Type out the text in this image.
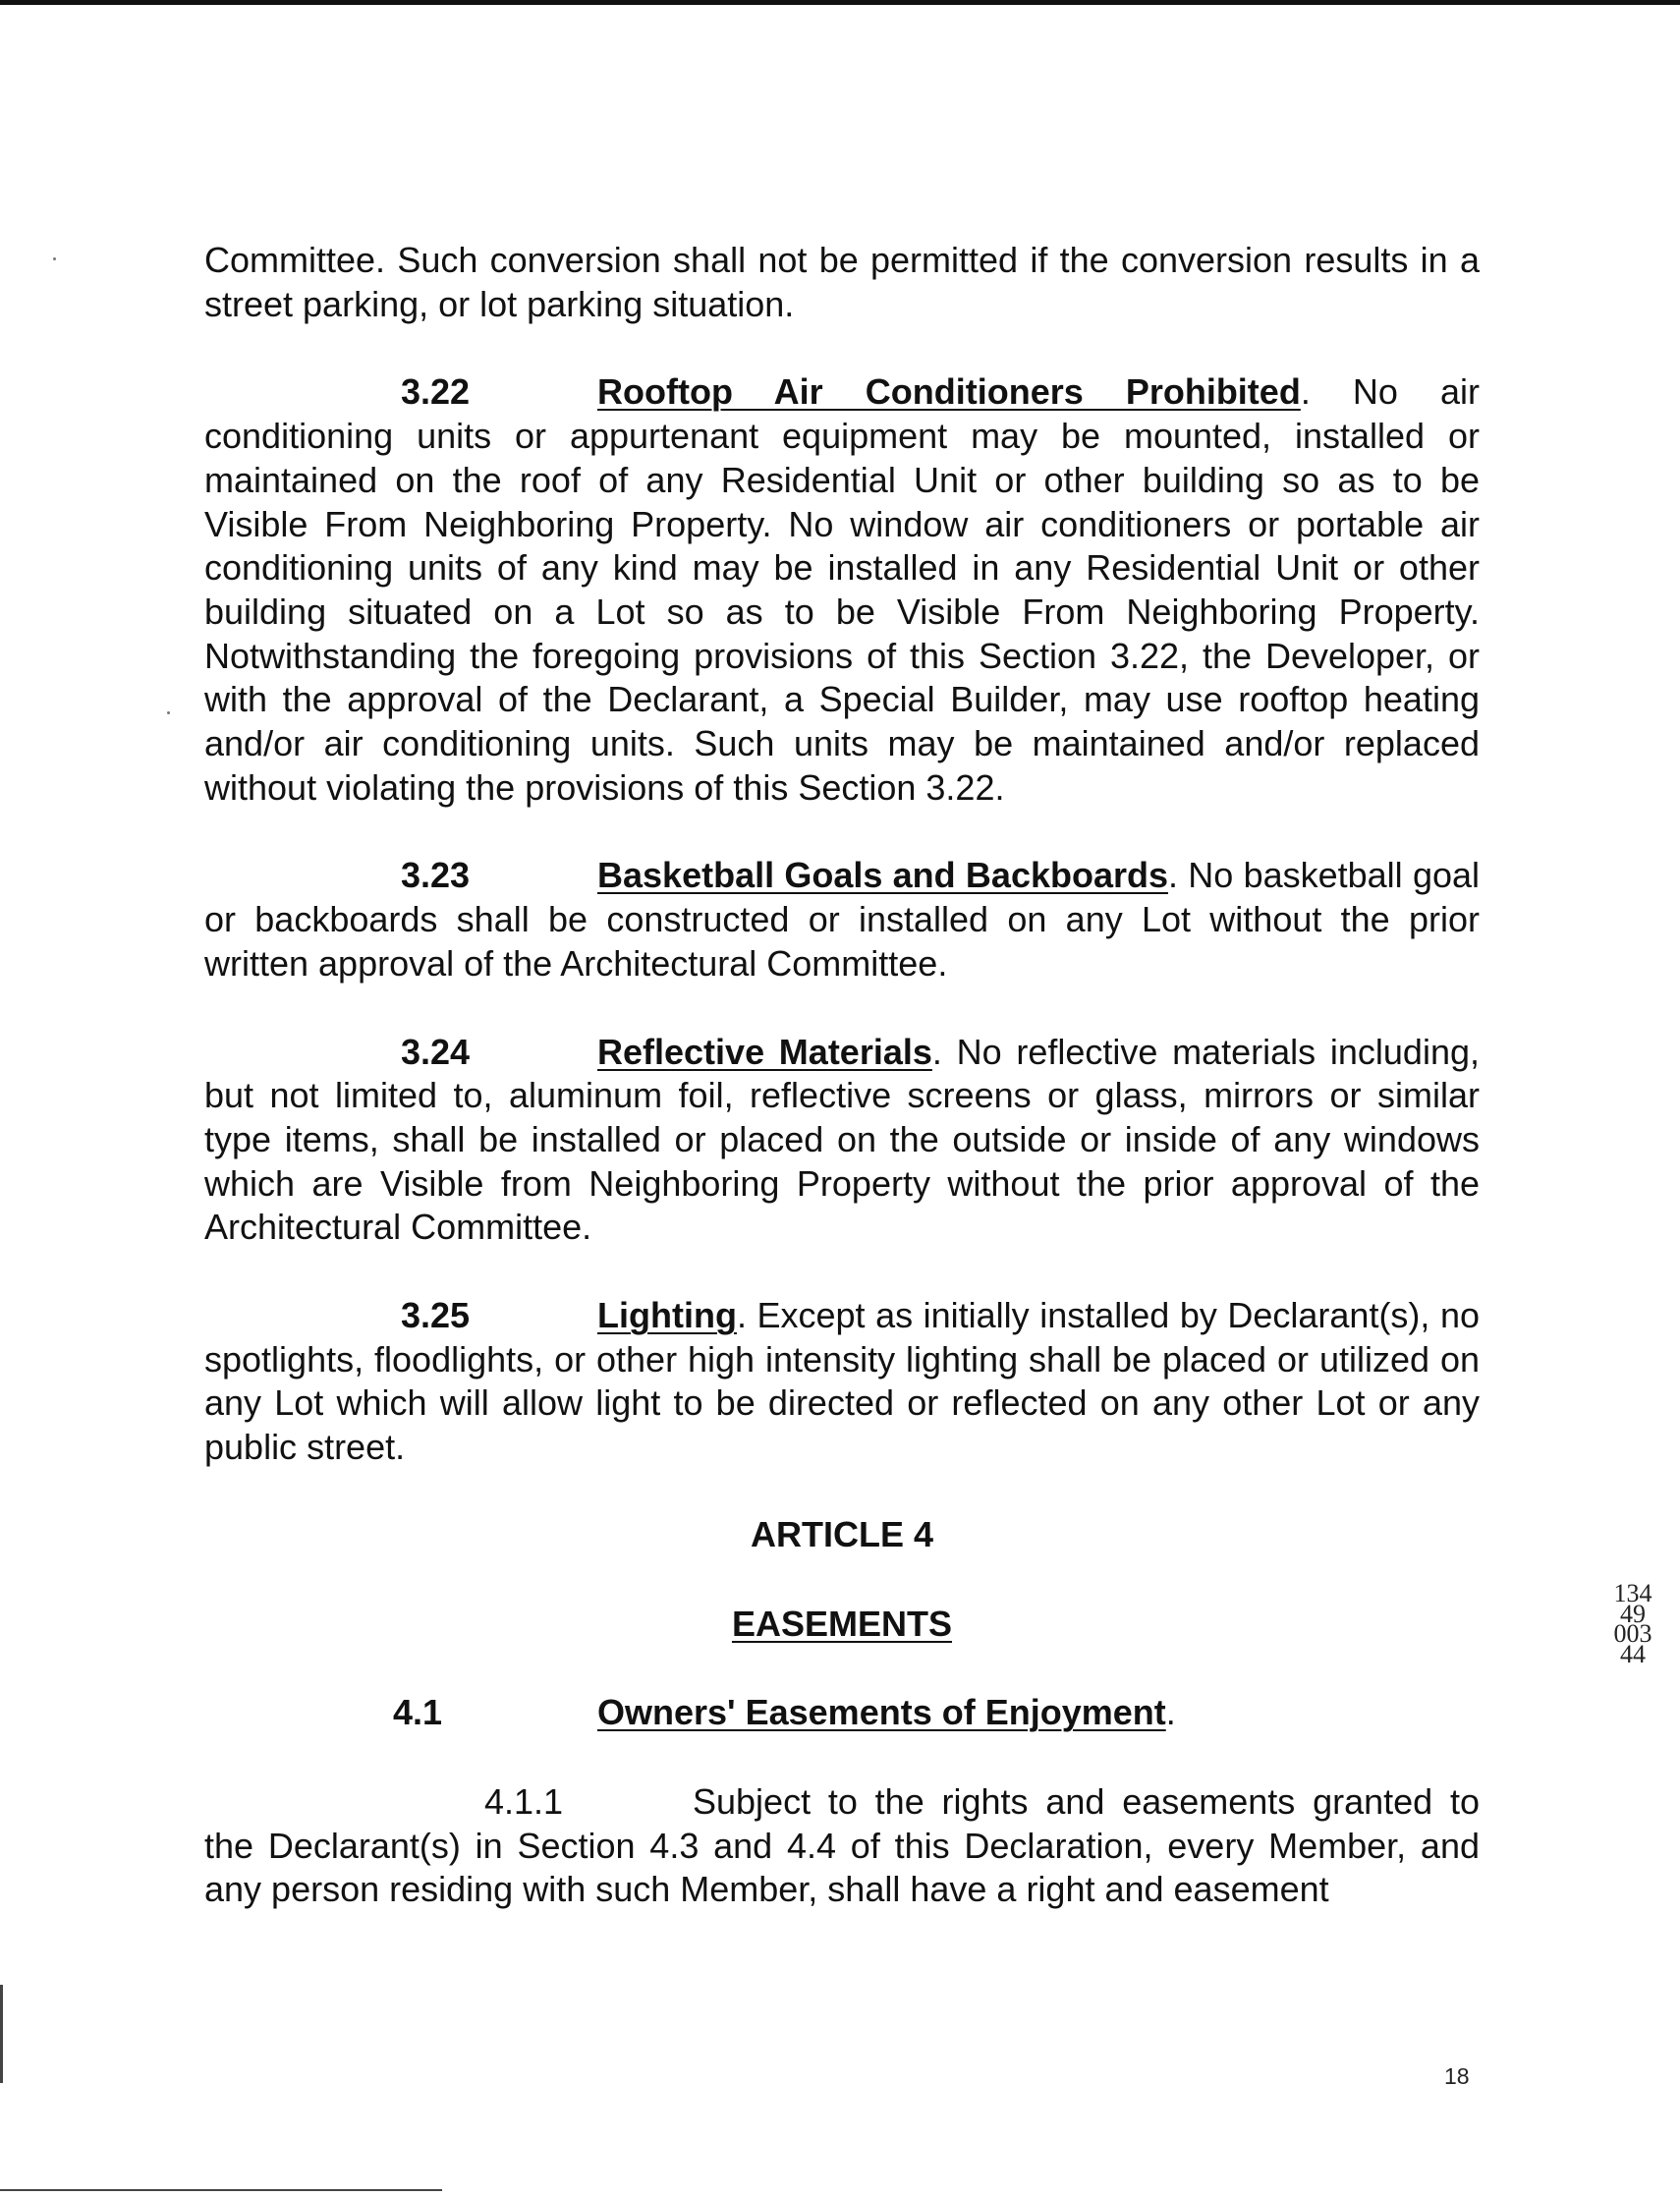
Committee. Such conversion shall not be permitted if the conversion results in a street parking, or lot parking situation.

3.22	Rooftop Air Conditioners Prohibited. No air conditioning units or appurtenant equipment may be mounted, installed or maintained on the roof of any Residential Unit or other building so as to be Visible From Neighboring Property. No window air conditioners or portable air conditioning units of any kind may be installed in any Residential Unit or other building situated on a Lot so as to be Visible From Neighboring Property. Notwithstanding the foregoing provisions of this Section 3.22, the Developer, or with the approval of the Declarant, a Special Builder, may use rooftop heating and/or air conditioning units. Such units may be maintained and/or replaced without violating the provisions of this Section 3.22.

3.23	Basketball Goals and Backboards. No basketball goal or backboards shall be constructed or installed on any Lot without the prior written approval of the Architectural Committee.

3.24	Reflective Materials. No reflective materials including, but not limited to, aluminum foil, reflective screens or glass, mirrors or similar type items, shall be installed or placed on the outside or inside of any windows which are Visible from Neighboring Property without the prior approval of the Architectural Committee.

3.25	Lighting. Except as initially installed by Declarant(s), no spotlights, floodlights, or other high intensity lighting shall be placed or utilized on any Lot which will allow light to be directed or reflected on any other Lot or any public street.

ARTICLE 4

EASEMENTS

4.1	Owners' Easements of Enjoyment.

4.1.1	Subject to the rights and easements granted to the Declarant(s) in Section 4.3 and 4.4 of this Declaration, every Member, and any person residing with such Member, shall have a right and easement

13449 00344
18
